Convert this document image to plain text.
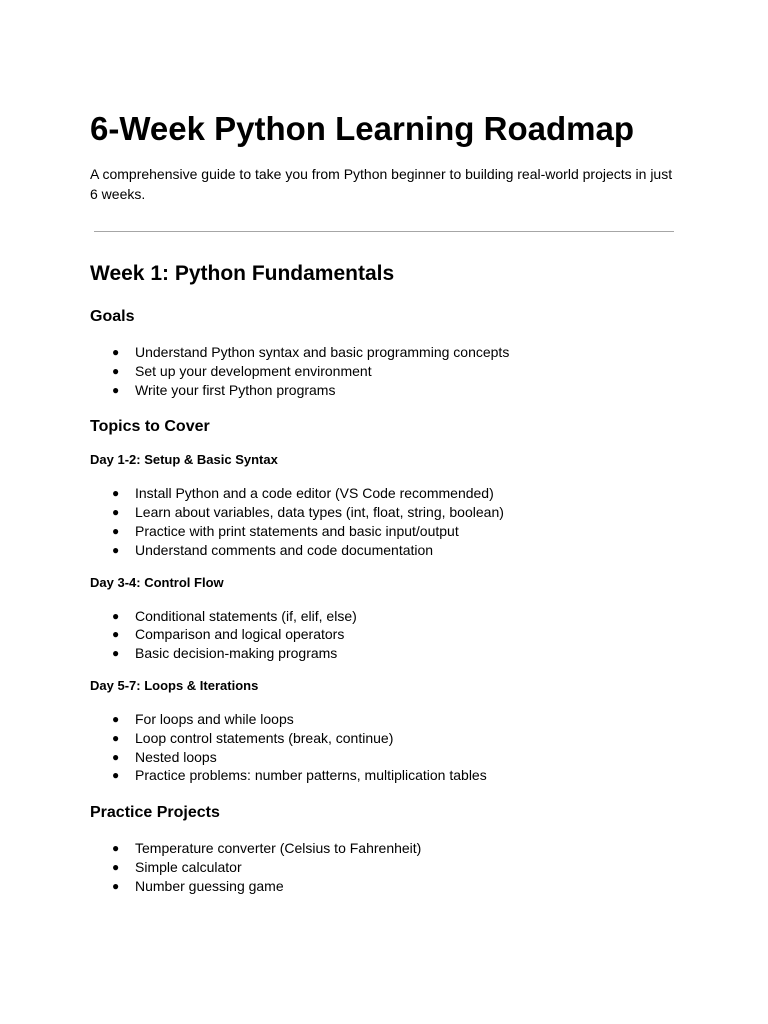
6-Week Python Learning Roadmap

A comprehensive guide to take you from Python beginner to building real-world projects in just 6 weeks.

Week 1: Python Fundamentals
Goals
● Understand Python syntax and basic programming concepts
● Set up your development environment
● Write your first Python programs
Topics to Cover
Day 1-2: Setup & Basic Syntax
● Install Python and a code editor (VS Code recommended)
● Learn about variables, data types (int, float, string, boolean)
● Practice with print statements and basic input/output
● Understand comments and code documentation
Day 3-4: Control Flow
● Conditional statements (if, elif, else)
● Comparison and logical operators
● Basic decision-making programs
Day 5-7: Loops & Iterations
● For loops and while loops
● Loop control statements (break, continue)
● Nested loops
● Practice problems: number patterns, multiplication tables
Practice Projects
● Temperature converter (Celsius to Fahrenheit)
● Simple calculator
● Number guessing game
